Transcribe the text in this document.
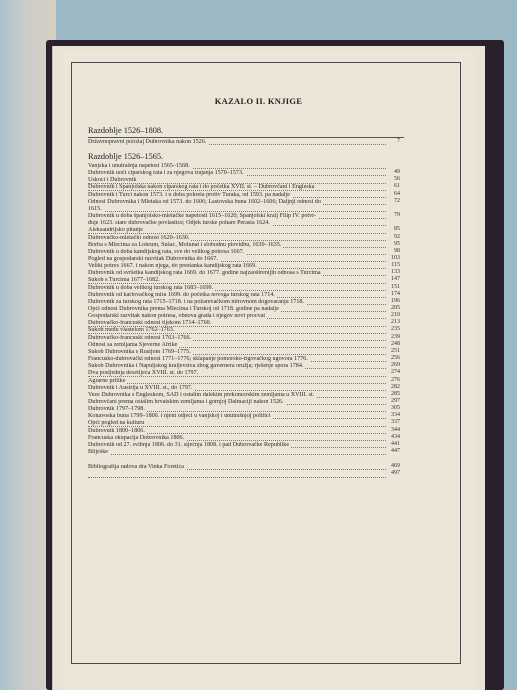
KAZALO II. KNJIGE
Razdoblje 1526–1808.
Razdoblje 1526–1565.
Državnopravni položaj Dubrovnika nakon 1526.	7
Vanjska i unutrašnja napetost 1565–1568.
Dubrovnik uoči ciparskog rata i za njegova trajanja 1570–1573.	49
Uskoci i Dubrovnik	56
Dubrovnik i Španjolska nakon ciparskog rata i do početka XVII. st. – Dubrovčani i Engleska	61
Dubrovnik i Turci nakon 1573. i u doba pokreta protiv Turaka, od 1593. pa nadalje	64
Odnosi Dubrovnika i Mletaka od 1573. do 1606; Lastovska buna 1602–1606; Daljnji odnosi do	72
1615.
Dubrovnik u doba španjolsko-mletačke napetosti 1615–1620; Španjolski kralj Filip IV. potvr-	79
đuje 1623. stare dubrovačke povlastice; Odjek turske pohare Perasta 1624.
Aleksandrijsko pitanje	85
Dubrovačko-mletački odnosi 1620–1630.	92
Borba s Mlecima za Lokrum, Sušac, Molunat i slobodnu plovidbu, 1630–1635.	95
Dubrovnik u doba kandijskog rata, sve do velikog potresa 1667.	98
Pogled na gospodarski razvitak Dubrovnika do 1667.	103
Veliki potres 1667. i nakon njega, do prestanka kandijskog rata 1669.	115
Dubrovnik od svršetka kandijskog rata 1669. do 1677. godine najzaoštrenijih odnosa s Turcima	133
Sukob s Turcima 1677–1682.	147
Dubrovnik u doba velikog turskog rata 1683–1699.	151
Dubrovnik od karlovačkog mira 1699. do početka novoga turskog rata 1714.	174
Dubrovnik za turskog rata 1715–1718. i na požarevačkom mirovnom dogovaranju 1718.	196
Opći odnosi Dubrovnika prema Mlecima i Turskoj od 1718. godine pa nadalje	205
Gospodarski razvitak nakon potresa, obnova grada i njegov novi procvat	210
Dubrovačko-francuski odnosi tijekom 1714–1760.	213
Sukob među vlastelom 1762–1763.	235
Dubrovačko-francuski odnosi 1763–1766.	239
Odnosi sa zemljama Sjeverne Afrike	248
Sukob Dubrovnika s Rusijom 1769–1775.	251
Francusko-dubrovački odnosi 1771–1776; sklapanje pomorsko-trgovačkog ugovora 1776.	256
Sukob Dubrovnika i Napuljskog kraljevstva zbog guvernera oružja; rješenje spora 1784.	269
Dva posljednja desetljeća XVIII. st. do 1797.	274
Agrarne prilike	276
Dubrovnik i Austrija u XVIII. st., do 1797.	282
Veze Dubrovnika s Engleskom, SAD i ostalim dalekim prekomorskim zemljama u XVIII. st.	285
Dubrovčani prema ostalim hrvatskim zemljama i gornjoj Dalmaciji nakon 1526.	297
Dubrovnik 1797–1798.	305
Konavoska buna 1799–1800. i njeni odjeci u vanjskoj i unutrašnjoj politici	334
Opći pogled na kulturu	337
Dubrovnik 1800–1806.	344
Francuska okupacija Dubrovnika 1806.	434
Dubrovnik od 27. svibnja 1806. do 31. siječnja 1808. i pad Dubrovačke Republike	441
Bilješke	447
Bibliografija radova dra Vinka Foretića	469
497
